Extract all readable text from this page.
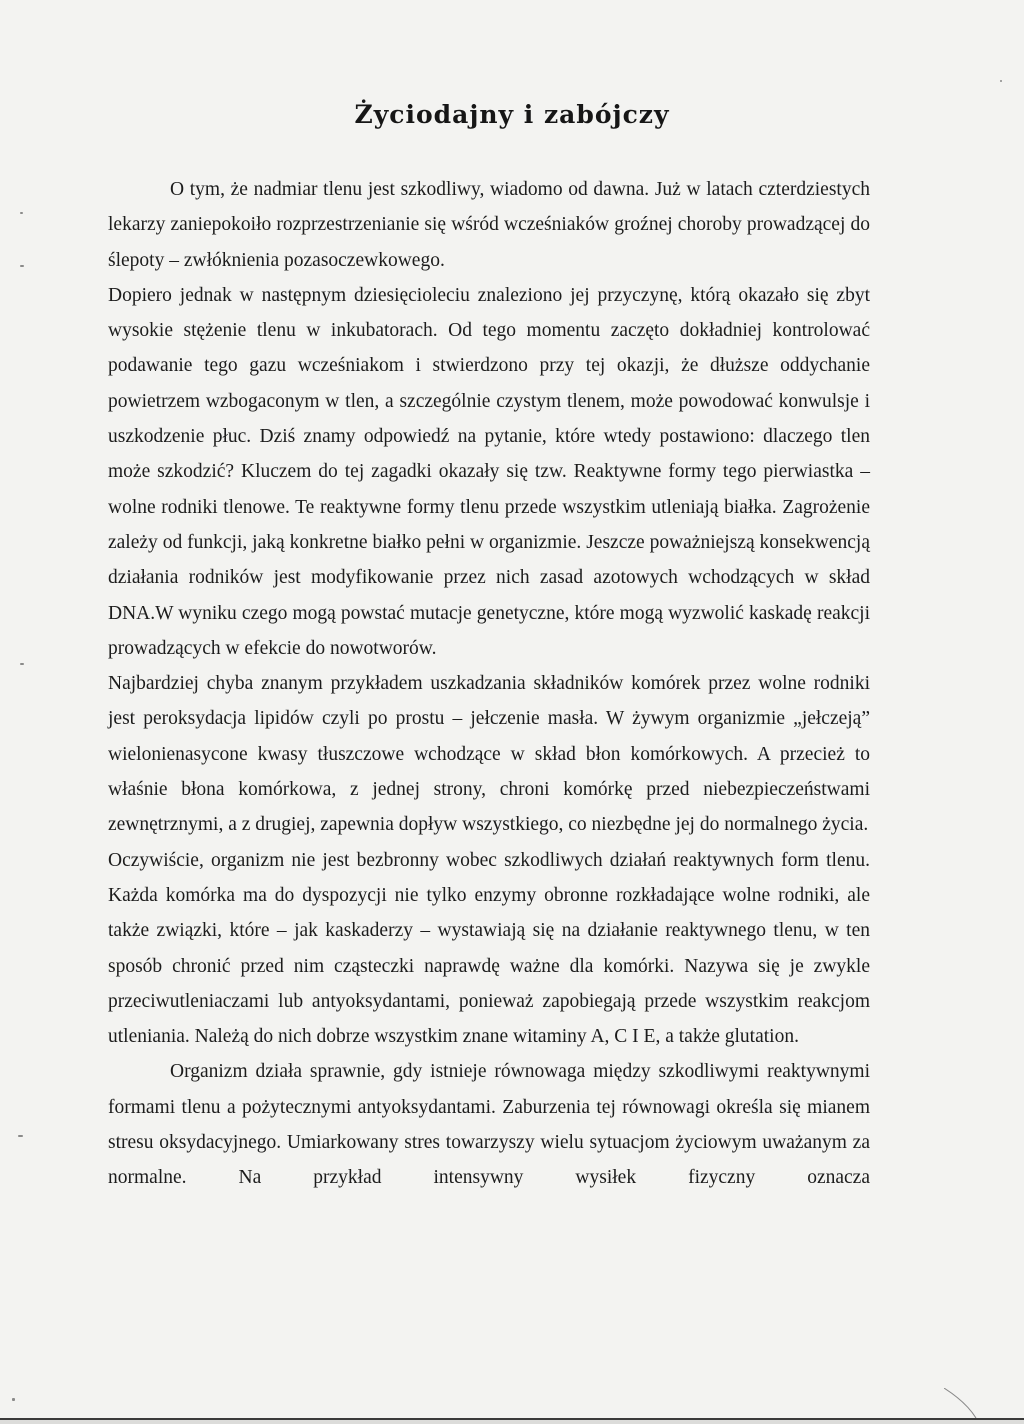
Życiodajny i zabójczy

O tym, że nadmiar tlenu jest szkodliwy, wiadomo od dawna. Już w latach czterdziestych lekarzy zaniepokoiło rozprzestrzenianie się wśród wcześniaków groźnej choroby prowadzącej do ślepoty – zwłóknienia pozasoczewkowego.

Dopiero jednak w następnym dziesięcioleciu znaleziono jej przyczynę, którą okazało się zbyt wysokie stężenie tlenu w inkubatorach. Od tego momentu zaczęto dokładniej kontrolować podawanie tego gazu wcześniakom i stwierdzono przy tej okazji, że dłuższe oddychanie powietrzem wzbogaconym w tlen, a szczególnie czystym tlenem, może powodować konwulsje i uszkodzenie płuc. Dziś znamy odpowiedź na pytanie, które wtedy postawiono: dlaczego tlen może szkodzić? Kluczem do tej zagadki okazały się tzw. Reaktywne formy tego pierwiastka – wolne rodniki tlenowe. Te reaktywne formy tlenu przede wszystkim utleniają białka. Zagrożenie zależy od funkcji, jaką konkretne białko pełni w organizmie. Jeszcze poważniejszą konsekwencją działania rodników jest modyfikowanie przez nich zasad azotowych wchodzących w skład DNA.W wyniku czego mogą powstać mutacje genetyczne, które mogą wyzwolić kaskadę reakcji prowadzących w efekcie do nowotworów.

Najbardziej chyba znanym przykładem uszkadzania składników komórek przez wolne rodniki jest peroksydacja lipidów czyli po prostu – jełczenie masła. W żywym organizmie „jełczeją” wielonienasycone kwasy tłuszczowe wchodzące w skład błon komórkowych. A przecież to właśnie błona komórkowa, z jednej strony, chroni komórkę przed niebezpieczeństwami zewnętrznymi, a z drugiej, zapewnia dopływ wszystkiego, co niezbędne jej do normalnego życia.

Oczywiście, organizm nie jest bezbronny wobec szkodliwych działań reaktywnych form tlenu. Każda komórka ma do dyspozycji nie tylko enzymy obronne rozkładające wolne rodniki, ale także związki, które – jak kaskaderzy – wystawiają się na działanie reaktywnego tlenu, w ten sposób chronić przed nim cząsteczki naprawdę ważne dla komórki. Nazywa się je zwykle przeciwutleniaczami lub antyoksydantami, ponieważ zapobiegają przede wszystkim reakcjom utleniania. Należą do nich dobrze wszystkim znane witaminy A, C I E, a także glutation.

Organizm działa sprawnie, gdy istnieje równowaga między szkodliwymi reaktywnymi formami tlenu a pożytecznymi antyoksydantami. Zaburzenia tej równowagi określa się mianem stresu oksydacyjnego. Umiarkowany stres towarzyszy wielu sytuacjom życiowym uważanym za normalne. Na przykład intensywny wysiłek fizyczny oznacza
